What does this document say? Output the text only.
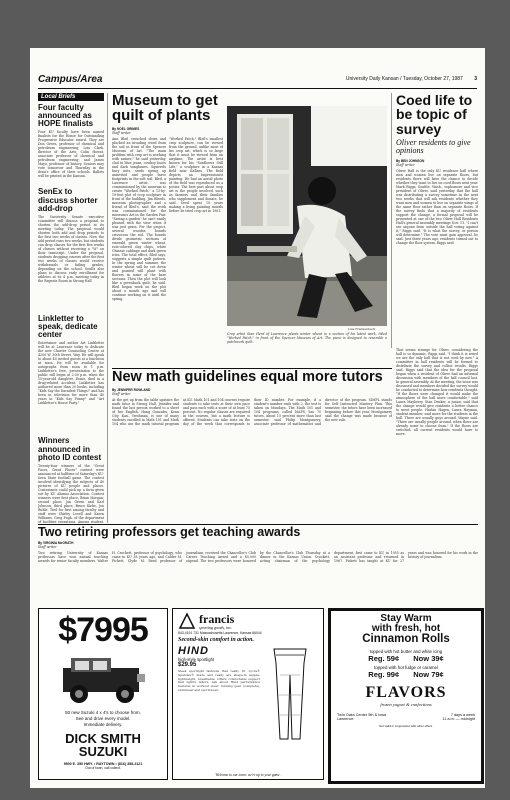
Campus/Area	University Daily Kansan / Tuesday, October 27, 1987 3
Local Briefs
Four faculty announced as HOPE finalists
Four KU faculty have been named finalists for the Honor for Outstanding Progressive Educator award. They are Don Green, professor of chemical and petroleum engineering; Lois Clark, director of the Arts; Colin Howat, associate professor of chemical and petroleum engineering; and James Mayo, professor of history. Seniors may vote tomorrow and Thursday in the dean's office of their schools. Ballots will be printed in the Kansan.
SenEx to discuss shorter add-drop
The University Senate executive committee will discuss a proposal to shorten the add-drop period at its meeting today. The proposal would shorten both add and drop periods to the first two weeks of classes. Now, the add period runs two weeks, but students can drop classes for the first five weeks of classes without receiving a "W" on their transcript. Under the proposal, students dropping courses after the first two weeks of classes would receive withdrawals or failing grades, depending on the school. SenEx also plans to discuss early enrollment for athletes at its 4 p.m. meeting today in the Regents Room in Strong Hall.
Linkletter to speak, dedicate center
Entertainer and author Art Linkletter will be at Lawrence today to dedicate the new Charter Counseling Center at 4200 W. 30th Street. Way. He will speak to about 40 invited guests at a luncheon at noon. He will be available for autographs from noon to 1 p.m. Linkletter's free, presentation to the public will begin at 2:30 p.m. when the 15-year-old daughter, Diane, died in a drug-related accident. Linkletter has authored more than 20 books, including "Kids Say the Darndest Things!" and has been in television for more than 40 years in "Kids Say Funny" and "Art Linkletter's House Party."
Winners announced in photo ID contest
Twenty-four winners of the "Great Faces, Great Places" contest were announced at halftime of Saturday's KU-Iowa State football game. The contest involved identifying the subjects of 40 pictures of KU people and places. Contestants could pick up a form given out by KU Alumni Association. Contest winners were first place, Brian Morgan; second place, Jan Green and Karl Johnson; third place, Bruce Kirke, Jon Ruhle. Tied for first among faculty and staff were Shirley Lovell and Karen Williams. Greg Pugh, of the department of facilities operations, Among student,
Museum to get quilt of plants
By NOEL GRIMES
Staff writer
Ann Bleil crouched down and plucked an invading weed from the soil in front of the Spencer Museum of Art. "The main problem with crop art is working with nature," he said yesterday, clad in blue jeans, cowboy boots and dark sunglasses. Squirrels bury nuts, seeds spring up uninvited and people leave footprints in the soft soil. Bleil, a Lawrence artist, was commissioned by the museum to create "Worked Patch," a 13-by-19-foot plot of crop sculpture in front of the building. Jim Bleeds, museum photographer and a friend of Bleil's, said the work was commissioned for the museum's Art in the Garden Fair. "Seeing a garden" he can't easily pleased with the view when it was just grass. For the project, several wooden boards crisscross the soil. The boards divide geometric sections of emerald green winter wheat, ruts-colored clay chips, white Chinese cabbage and dark green ivies. The total effect, Bleil says, suggests a simple quilt pattern. In the spring and summer, the winter wheat will be cut down and pointed will plant with flowers in some of the bare sections. Then the plot will look like a greenback quilt, he said. Bleil began work on the plot about a month ago and will continue working on it until the spring.
"Worked Patch," Bleil's smallest crop sculpture, can be viewed from the ground, unlike most of his crop art, which is so large that it must be viewed from an airplane. The artist is best known for his "Sunflower Still Life," a sculpture in a Kansas field near Kallans. The field depicts an Impressionist painting. He had an aerial photo of the field was reproduced as a poster. The best part about crop art is the people involved, such as farmers and their families who supplement and donate, he said. Seed spent 10 years making a living painting murals before he tried crop art in 1981.
Lisa Frankenbach
Crop artist Stan Herd of Lawrence plants winter wheat in a section of his latest work, titled "Worked Patch," in front of the Spencer Museum of Art. The piece is designed to resemble a patchwork quilt.
Coed life to be topic of survey
Oliver residents to give opinions
By BEN JOHNSON
Staff writer
Oliver Hall is the only KU residence hall where men and women live on separate floors, but residents there will have the chance to decide whether they want to live on coed floors next year. Mark Riggs, Seattle, Wash., sophomore and vice president of Oliver, said yesterday that the hall was distributing a survey sometime in the next two weeks that will ask residents whether they want men and women to live on separate wings of the same floor rather than on separate floors. If the survey finds that a majority of residents support the change, a formal proposal will be presented at one of the two Oliver Hall Residents Hall's general assembly meetings Nov. 11. "I can't see anyone from outside the hall voting against it," Riggs said. "It is what the survey, or person will determine." The vote must gain approval, he said. Just three years ago, residents turned out to change the floor system, Riggs said.
That seems strange for Oliver, considering the hall is so dynamic, Riggs said. "I think it is weird we are the only hall that is not coed by now." A committee in hall residents will be formed to distribute the survey and collect results, Riggs said. Riggs said that the idea for the proposal began when a resident of Oliver had an informal discussion with members of the hall council last. In general assembly. At the meeting, the issue was discussed and members decided the survey would be conducted to determine how residents thought. "If the floors were changed it would make the atmosphere of the hall more comfortable," said Laura Mayberry. Stan Denker, a junior, said that the change would give residents a better chance to meet people. Harlan Hagen, Laura Hayman, student member, said more for the students in the hall. There are usually guys around. Wayne said. "There are usually people around, when there are already some to choose from." If the floors are switched, all current residents would have to move.
New math guidelines equal more tutors
By JENNIFER ROWLAND
Staff writer
At the get up from the table upstairs the math tutor in Strong Hall, Jennifer and found the last person worked to a sheet of her English. Hang Gonzales, Kenn City, Kan., freshman, is one of many students enrolled in Math 101 and Math 104 who use the math tutorial program at KU. Math 101 and 104 courses require students to take tests at their own pace and pass each with a score of at least 75 percent. No regular classes are required in the courses, but a math lecture is offered. Students can take tests on the day of the week that corresponds to their ID number. For example, if a student's number ends with 2, the test is taken on Mondays. The Math 101 and 104 programs, called MAPS, has 70 tutors, about 15 percent more than last semester, said Philip Montgomery, associate professor of mathematics and director of the program. SIMPL stands for Self Instructed Mastery Plan. This semester, the tutors have been increased beginning before this year. Montgomery said the change was made because of the new rule.
Two retiring professors get teaching awards
By VIRGINIA McGRATH
Staff writer
Two retiring University of Kansas professors have won annual teaching awards for senior faculty members. Walter H. Crockett, professor of psychology, who came to KU 38 years ago, and Calder M. Pickett, Clyde M. Reed professor of journalism, received the Chancellor's Club Career Teaching Award and a $5,000 stipend. The two professors were honored by the Chancellor's Club Thursday at a dinner in the Kansas Union. Crockett, acting chairman of the psychology department, first came to KU in 1955 as an assistant professor and returned in 1967. Pickett has taught at KU for 27 years and was honored for his work in the history of journalism.
$7995
50 new Suzuki 4 x 4's to choose from.
See and drive every model.
Immediate delivery.
DICK SMITH
SUZUKI
9500 E. 350 HWY. • RAYTOWN • (816) 358-2121
Out of town, call collect.
francis
sporting goods, inc.
843-4191 731 Massachusetts Lawrence, Kansas 66044
Second-skin comfort in action.
HIND
high-style sportlight
$29.95
Sleek sportlight fashions that really fit. Lycra® Spandex® made and really are shape-in supple, lightweight, breathable. Offers comfortable support that lightly tailors. Ask about Hind performance features in workout wear, running gear (complete), swimwear and sportswear.
Welcome to our team: we're up to your game.
Stay Warm
with fresh, hot
Cinnamon Rolls
topped with hot butter and white icing
Reg. 59¢ Now 39¢
topped with hot fudge or caramel
Reg. 99¢ Now 79¢
FLAVORS
frozen yogurt & confections
Twin Oaks Center 9th & Iowa Lawrence
7 days a week
11 a.m. — midnight
Not valid in conjunction with other offers.
